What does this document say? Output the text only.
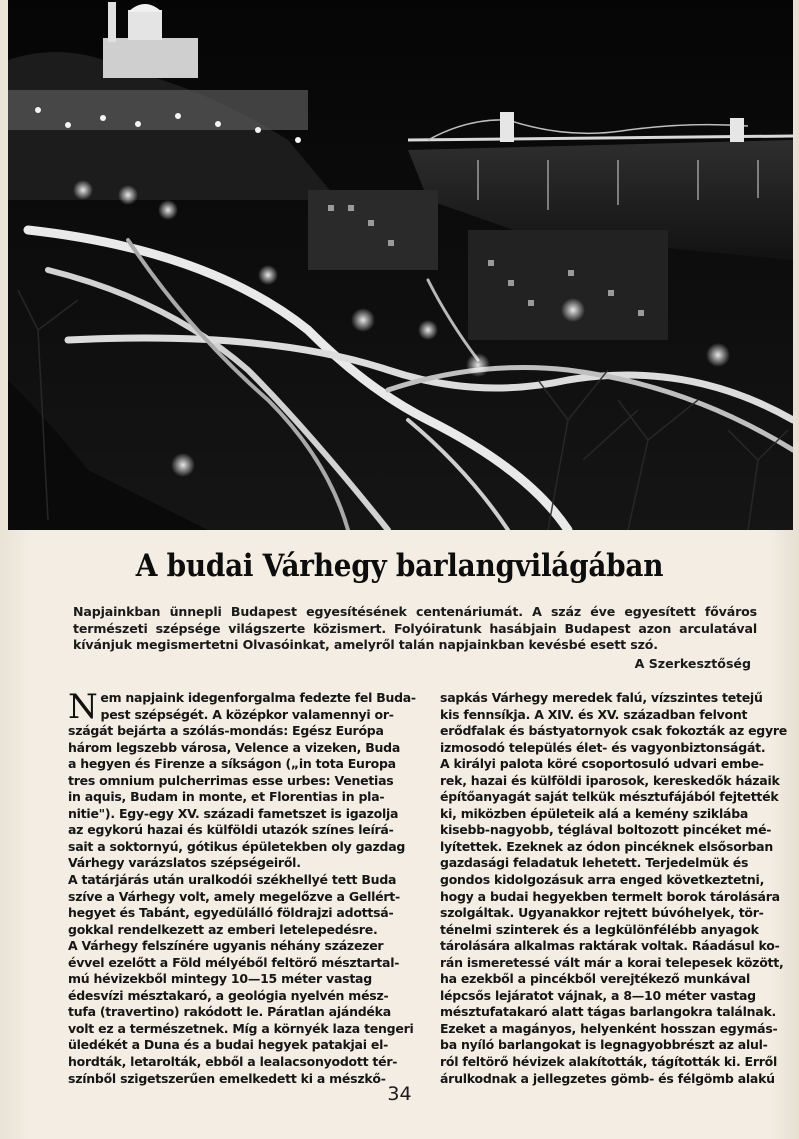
A budai Várhegy barlangvilágában
Napjainkban ünnepli Budapest egyesítésének centenáriumát. A száz éve egyesített főváros természeti szépsége világszerte közismert. Folyóiratunk hasábjain Budapest azon arculatával kívánjuk megismertetni Olvasóinkat, amelyről talán napjainkban kevésbé esett szó.
A Szerkesztőség
N em napjaink idegenforgalma fedezte fel Buda-
pest szépségét. A középkor valamennyi or-
szágát bejárta a szólás-mondás: Egész Európa
három legszebb városa, Velence a vizeken, Buda
a hegyen és Firenze a síkságon („in tota Europa
tres omnium pulcherrimas esse urbes: Venetias
in aquis, Budam in monte, et Florentias in pla-
nitie"). Egy-egy XV. századi fametszet is igazolja
az egykorú hazai és külföldi utazók színes leírá-
sait a soktornyú, gótikus épületekben oly gazdag
Várhegy varázslatos szépségeiről.
A tatárjárás után uralkodói székhellyé tett Buda
szíve a Várhegy volt, amely megelőzve a Gellért-
hegyet és Tabánt, egyedülálló földrajzi adottsá-
gokkal rendelkezett az emberi letelepedésre.
A Várhegy felszínére ugyanis néhány százezer
évvel ezelőtt a Föld mélyéből feltörő mésztartal-
mú hévizekből mintegy 10—15 méter vastag
édesvízi mésztakaró, a geológia nyelvén mész-
tufa (travertino) rakódott le. Páratlan ajándéka
volt ez a természetnek. Míg a környék laza tengeri
üledékét a Duna és a budai hegyek patakjai el-
hordták, letarolták, ebből a lealacsonyodott tér-
színből szigetszerűen emelkedett ki a mészkő-
sapkás Várhegy meredek falú, vízszintes tetejű
kis fennsíkja. A XIV. és XV. században felvont
erődfalak és bástyatornyok csak fokozták az egyre
izmosodó település élet- és vagyonbiztonságát.
A királyi palota köré csoportosuló udvari embe-
rek, hazai és külföldi iparosok, kereskedők házaik
építőanyagát saját telkük mésztufájából fejtették
ki, miközben épületeik alá a kemény sziklába
kisebb-nagyobb, téglával boltozott pincéket mé-
lyítettek. Ezeknek az ódon pincéknek elsősorban
gazdasági feladatuk lehetett. Terjedelmük és
gondos kidolgozásuk arra enged következtetni,
hogy a budai hegyekben termelt borok tárolására
szolgáltak. Ugyanakkor rejtett búvóhelyek, tör-
ténelmi szinterek és a legkülönfélébb anyagok
tárolására alkalmas raktárak voltak. Ráadásul ko-
rán ismeretessé vált már a korai telepesek között,
ha ezekből a pincékből verejtékező munkával
lépcsős lejáratot vájnak, a 8—10 méter vastag
mésztufatakaró alatt tágas barlangokra találnak.
Ezeket a magányos, helyenként hosszan egymás-
ba nyíló barlangokat is legnagyobbrészt az alul-
ról feltörő hévizek alakították, tágították ki. Erről
árulkodnak a jellegzetes gömb- és félgömb alakú
34
